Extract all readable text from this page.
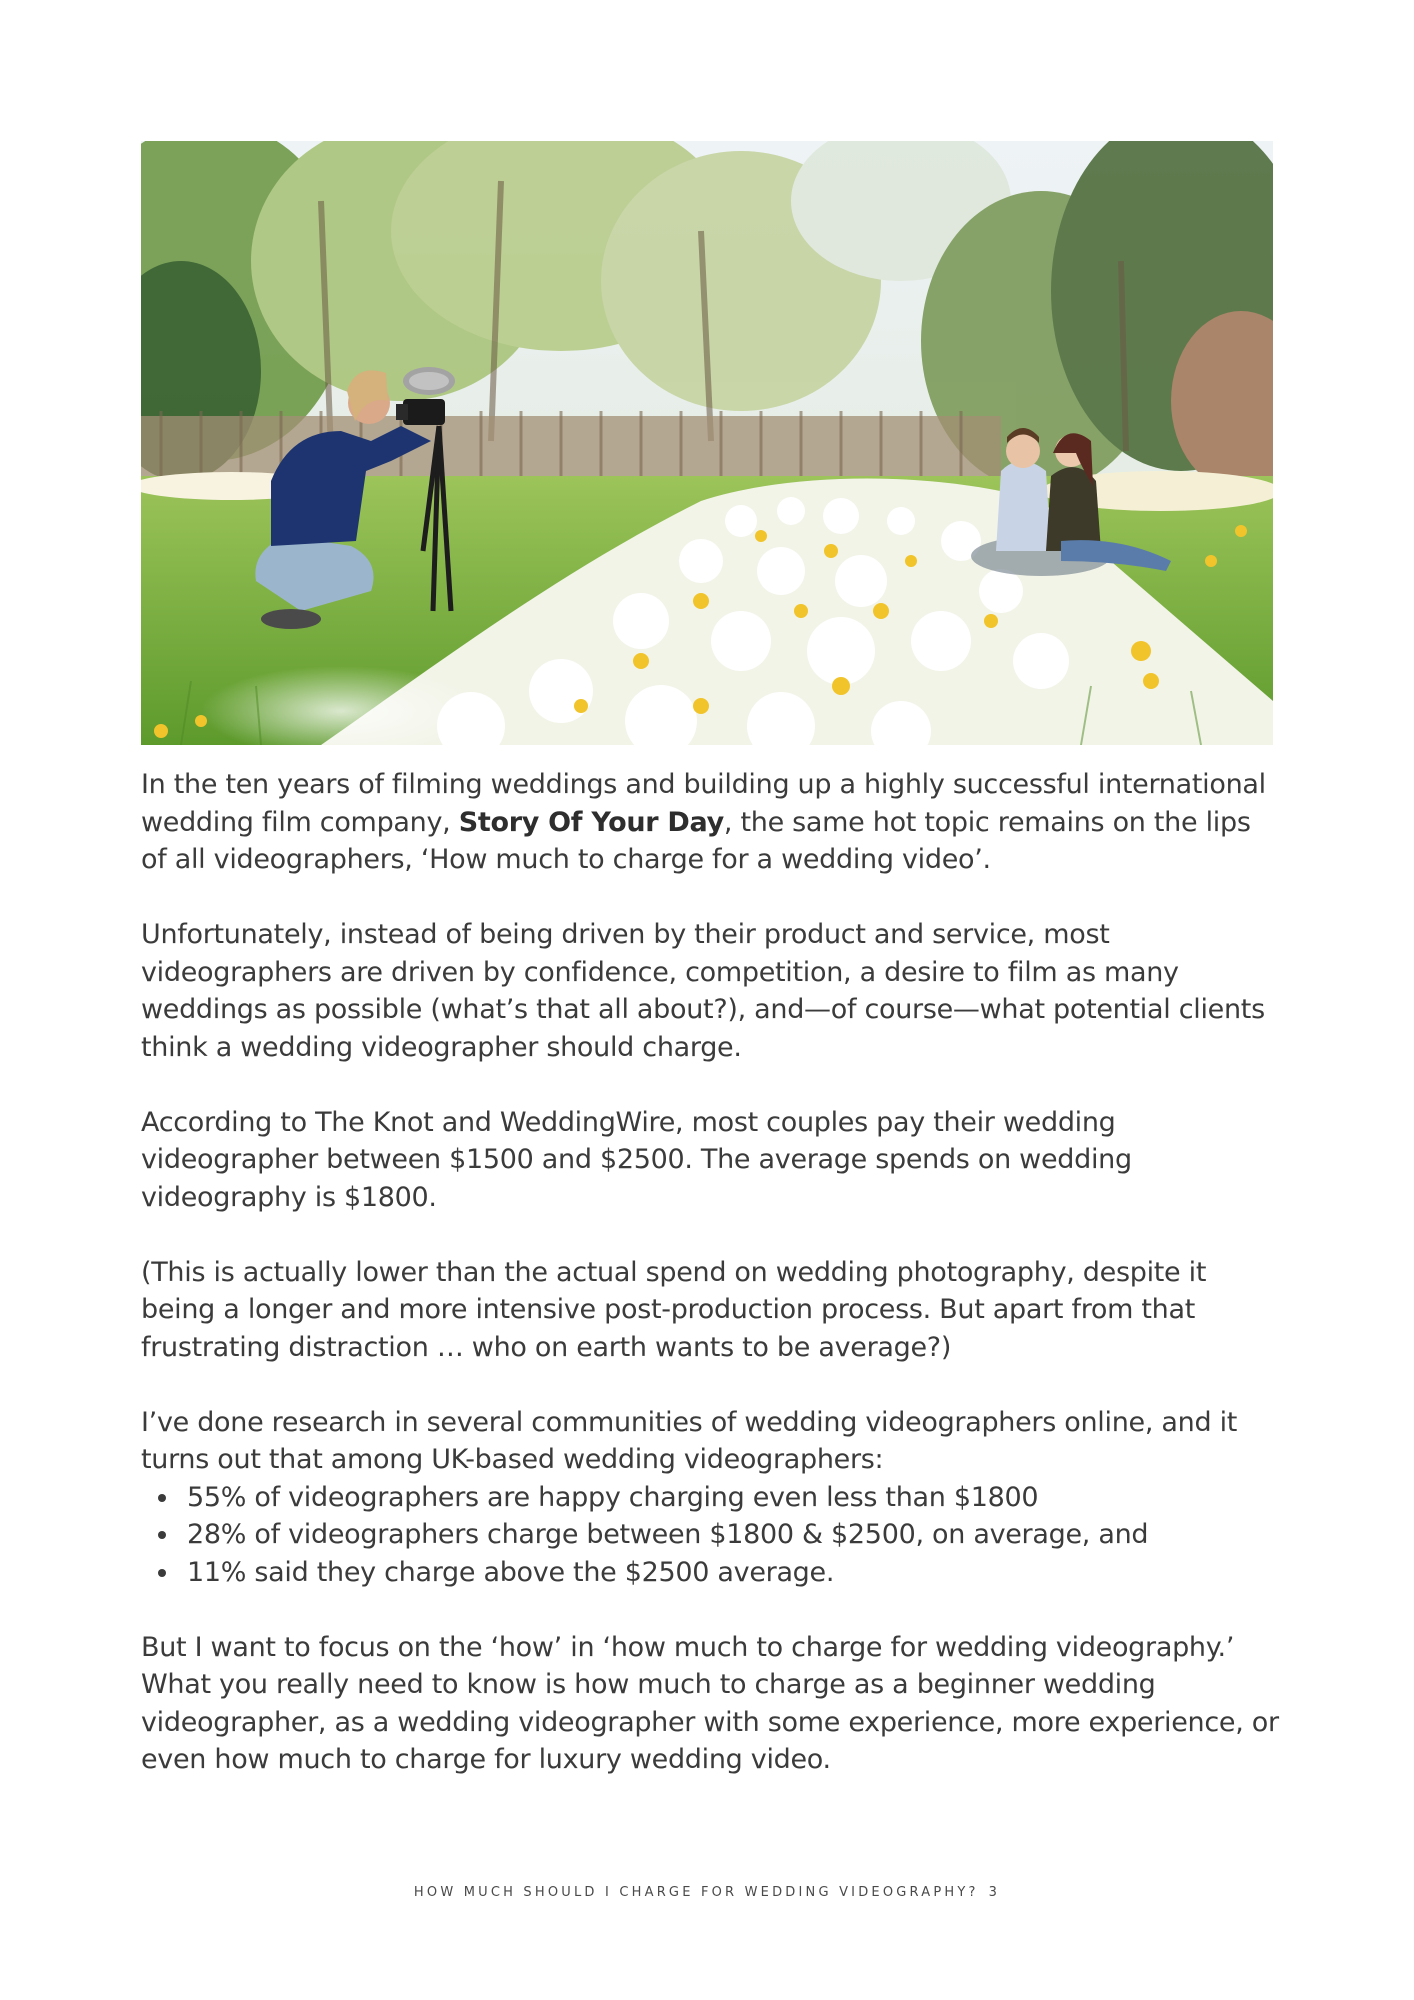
In the ten years of filming weddings and building up a highly successful international wedding film company, Story Of Your Day, the same hot topic remains on the lips of all videographers, ‘How much to charge for a wedding video’.

Unfortunately, instead of being driven by their product and service, most videographers are driven by confidence, competition, a desire to film as many weddings as possible (what’s that all about?), and—of course—what potential clients think a wedding videographer should charge.

According to The Knot and WeddingWire, most couples pay their wedding videographer between $1500 and $2500. The average spends on wedding videography is $1800.

(This is actually lower than the actual spend on wedding photography, despite it being a longer and more intensive post-production process. But apart from that frustrating distraction … who on earth wants to be average?)

I’ve done research in several communities of wedding videographers online, and it turns out that among UK-based wedding videographers:

55% of videographers are happy charging even less than $1800
28% of videographers charge between $1800 & $2500, on average, and
11% said they charge above the $2500 average.

But I want to focus on the ‘how’ in ‘how much to charge for wedding videography.’ What you really need to know is how much to charge as a beginner wedding videographer, as a wedding videographer with some experience, more experience, or even how much to charge for luxury wedding video.

HOW MUCH SHOULD I CHARGE FOR WEDDING VIDEOGRAPHY? 3
